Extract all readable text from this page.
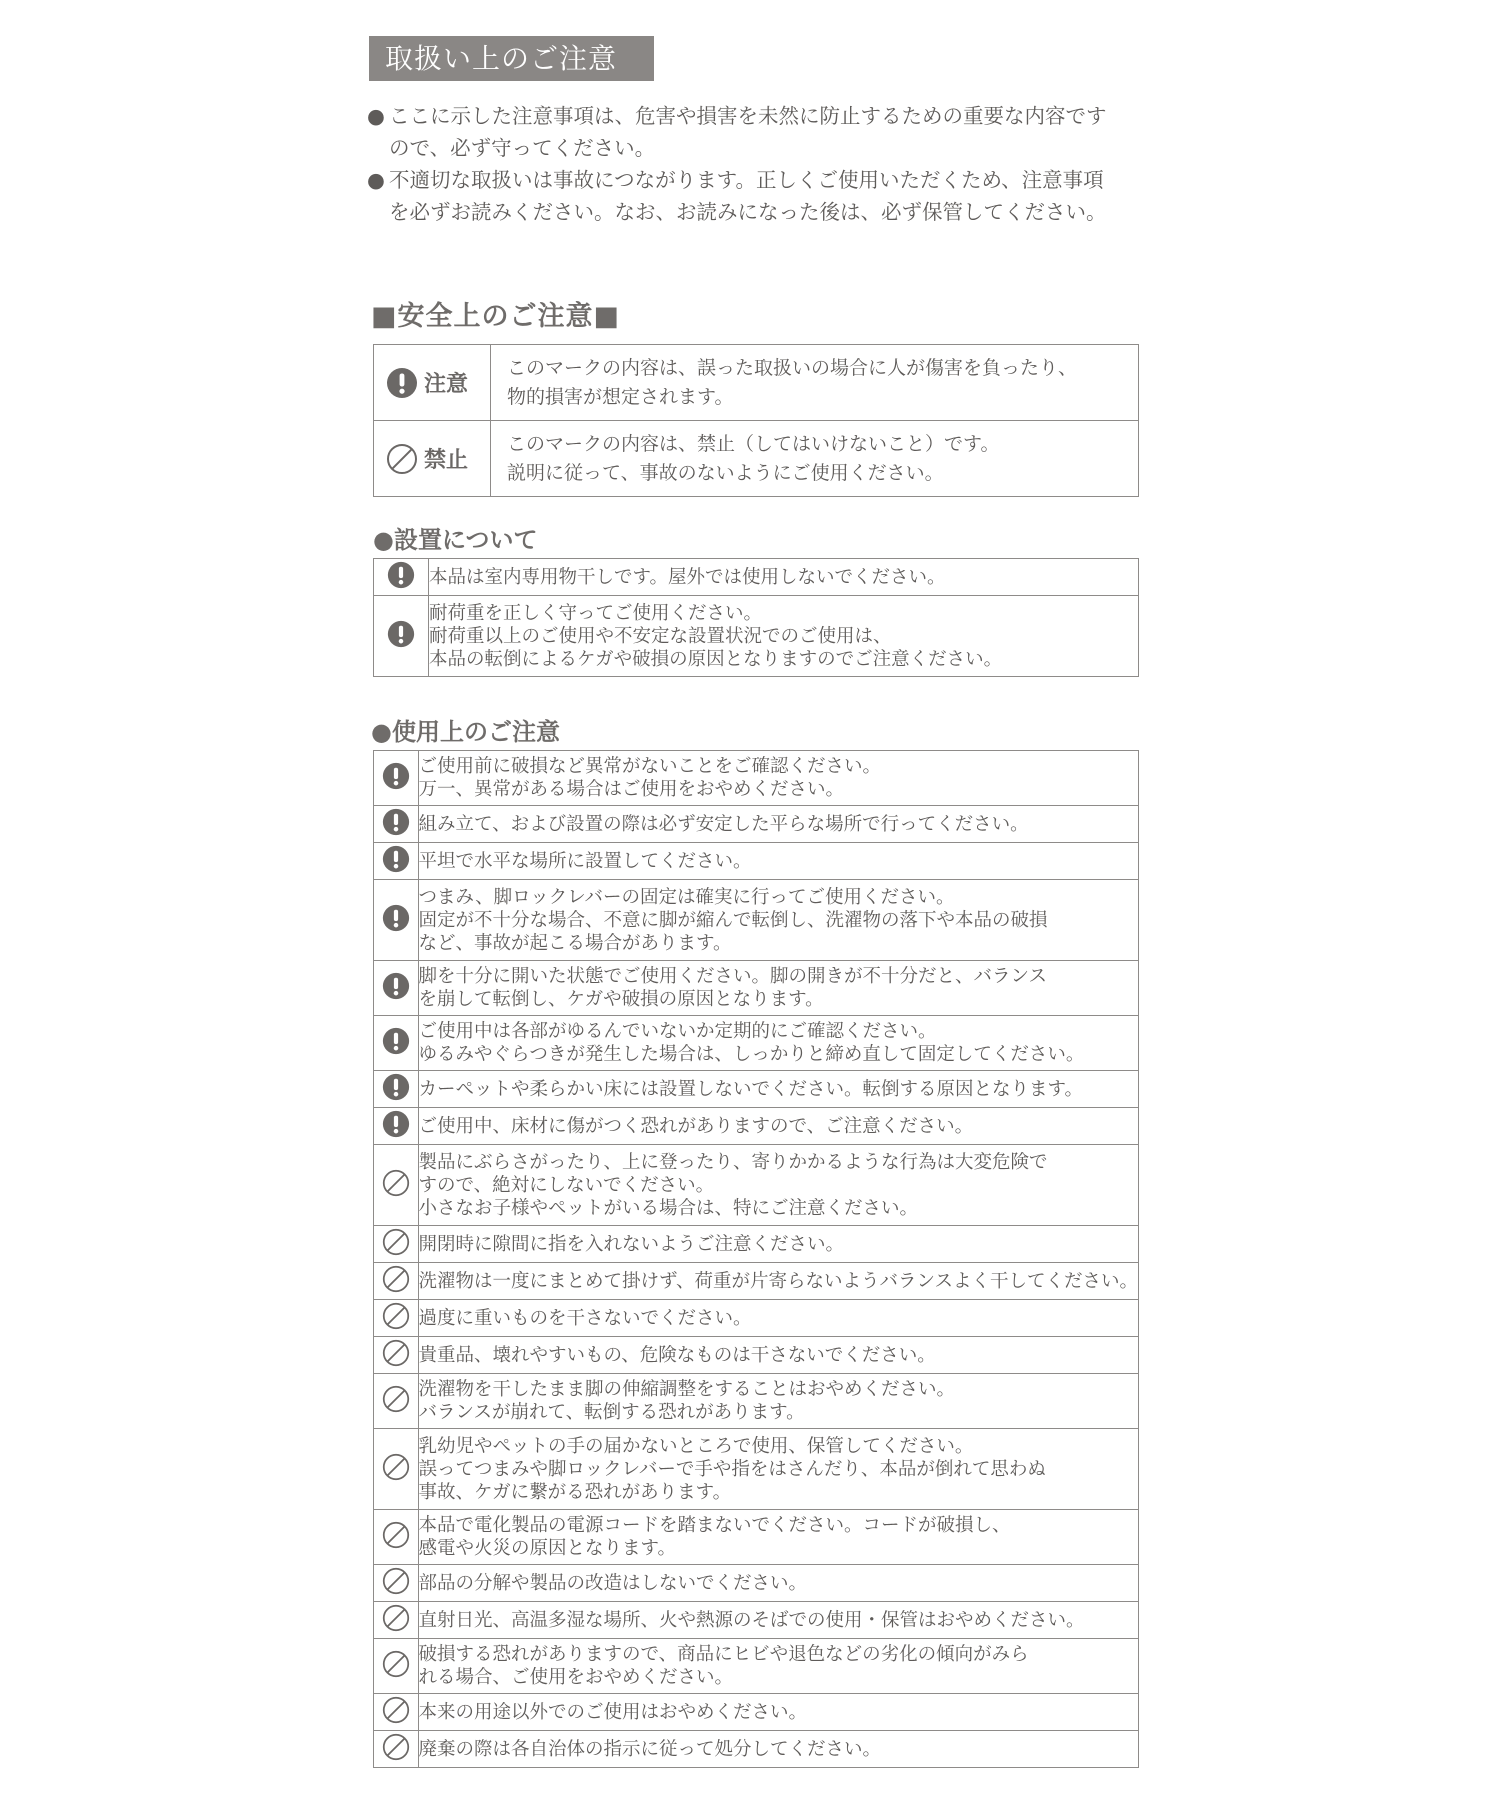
取扱い上のご注意
● ここに示した注意事項は、危害や損害を未然に防止するための重要な内容です
ので、必ず守ってください。
● 不適切な取扱いは事故につながります。正しくご使用いただくため、注意事項
を必ずお読みください。なお、お読みになった後は、必ず保管してください。
■安全上のご注意■
注意	このマークの内容は、誤った取扱いの場合に人が傷害を負ったり、
物的損害が想定されます。

禁止	このマークの内容は、禁止（してはいけないこと）です。
説明に従って、事故のないようにご使用ください。
●設置について

本品は室内専用物干しです。屋外では使用しないでください。

耐荷重を正しく守ってご使用ください。
耐荷重以上のご使用や不安定な設置状況でのご使用は、
本品の転倒によるケガや破損の原因となりますのでご注意ください。
●使用上のご注意

ご使用前に破損など異常がないことをご確認ください。
万一、異常がある場合はご使用をおやめください。

組み立て、および設置の際は必ず安定した平らな場所で行ってください。

平坦で水平な場所に設置してください。

つまみ、脚ロックレバーの固定は確実に行ってご使用ください。
固定が不十分な場合、不意に脚が縮んで転倒し、洗濯物の落下や本品の破損
など、事故が起こる場合があります。

脚を十分に開いた状態でご使用ください。脚の開きが不十分だと、バランス
を崩して転倒し、ケガや破損の原因となります。

ご使用中は各部がゆるんでいないか定期的にご確認ください。
ゆるみやぐらつきが発生した場合は、しっかりと締め直して固定してください。

カーペットや柔らかい床には設置しないでください。転倒する原因となります。

ご使用中、床材に傷がつく恐れがありますので、ご注意ください。

製品にぶらさがったり、上に登ったり、寄りかかるような行為は大変危険で
すので、絶対にしないでください。
小さなお子様やペットがいる場合は、特にご注意ください。

開閉時に隙間に指を入れないようご注意ください。

洗濯物は一度にまとめて掛けず、荷重が片寄らないようバランスよく干してください。

過度に重いものを干さないでください。

貴重品、壊れやすいもの、危険なものは干さないでください。

洗濯物を干したまま脚の伸縮調整をすることはおやめください。
バランスが崩れて、転倒する恐れがあります。

乳幼児やペットの手の届かないところで使用、保管してください。
誤ってつまみや脚ロックレバーで手や指をはさんだり、本品が倒れて思わぬ
事故、ケガに繋がる恐れがあります。

本品で電化製品の電源コードを踏まないでください。コードが破損し、
感電や火災の原因となります。

部品の分解や製品の改造はしないでください。

直射日光、高温多湿な場所、火や熱源のそばでの使用・保管はおやめください。

破損する恐れがありますので、商品にヒビや退色などの劣化の傾向がみら
れる場合、ご使用をおやめください。

本来の用途以外でのご使用はおやめください。

廃棄の際は各自治体の指示に従って処分してください。
